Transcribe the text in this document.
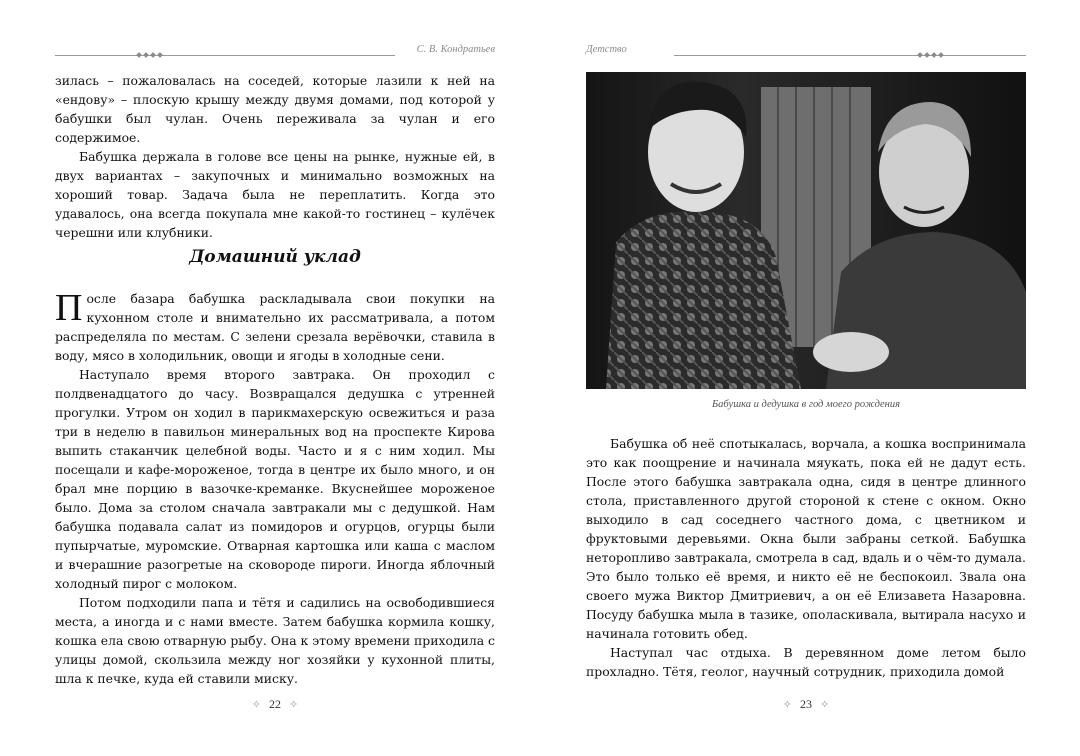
С. В. Кондратьев

зилась – пожаловалась на соседей, которые лазили к ней на «ендову» – плоскую крышу между двумя домами, под которой у бабушки был чулан. Очень переживала за чулан и его содержимое.

Бабушка держала в голове все цены на рынке, нужные ей, в двух вариантах – закупочных и минимально возможных на хороший товар. Задача была не переплатить. Когда это удавалось, она всегда покупала мне какой-то гостинец – кулёчек черешни или клубники.

Домашний уклад

После базара бабушка раскладывала свои покупки на кухонном столе и внимательно их рассматривала, а потом распределяла по местам. С зелени срезала верёвочки, ставила в воду, мясо в холодильник, овощи и ягоды в холодные сени.

Наступало время второго завтрака. Он проходил с полдвенадцатого до часу. Возвращался дедушка с утренней прогулки. Утром он ходил в парикмахерскую освежиться и раза три в неделю в павильон минеральных вод на проспекте Кирова выпить стаканчик целебной воды. Часто и я с ним ходил. Мы посещали и кафе-мороженое, тогда в центре их было много, и он брал мне порцию в вазочке-креманке. Вкуснейшее мороженое было. Дома за столом сначала завтракали мы с дедушкой. Нам бабушка подавала салат из помидоров и огурцов, огурцы были пупырчатые, муромские. Отварная картошка или каша с маслом и вчерашние разогретые на сковороде пироги. Иногда яблочный холодный пирог с молоком.

Потом подходили папа и тётя и садились на освободившиеся места, а иногда и с нами вместе. Затем бабушка кормила кошку, кошка ела свою отварную рыбу. Она к этому времени приходила с улицы домой, скользила между ног хозяйки у кухонной плиты, шла к печке, куда ей ставили миску.

✧ 22 ✧
Детство
Бабушка и дедушка в год моего рождения

Бабушка об неё спотыкалась, ворчала, а кошка воспринимала это как поощрение и начинала мяукать, пока ей не дадут есть. После этого бабушка завтракала одна, сидя в центре длинного стола, приставленного другой стороной к стене с окном. Окно выходило в сад соседнего частного дома, с цветником и фруктовыми деревьями. Окна были забраны сеткой. Бабушка неторопливо завтракала, смотрела в сад, вдаль и о чём-то думала. Это было только её время, и никто её не беспокоил. Звала она своего мужа Виктор Дмитриевич, а он её Елизавета Назаровна. Посуду бабушка мыла в тазике, ополаскивала, вытирала насухо и начинала готовить обед.

Наступал час отдыха. В деревянном доме летом было прохладно. Тётя, геолог, научный сотрудник, приходила домой

✧ 23 ✧
